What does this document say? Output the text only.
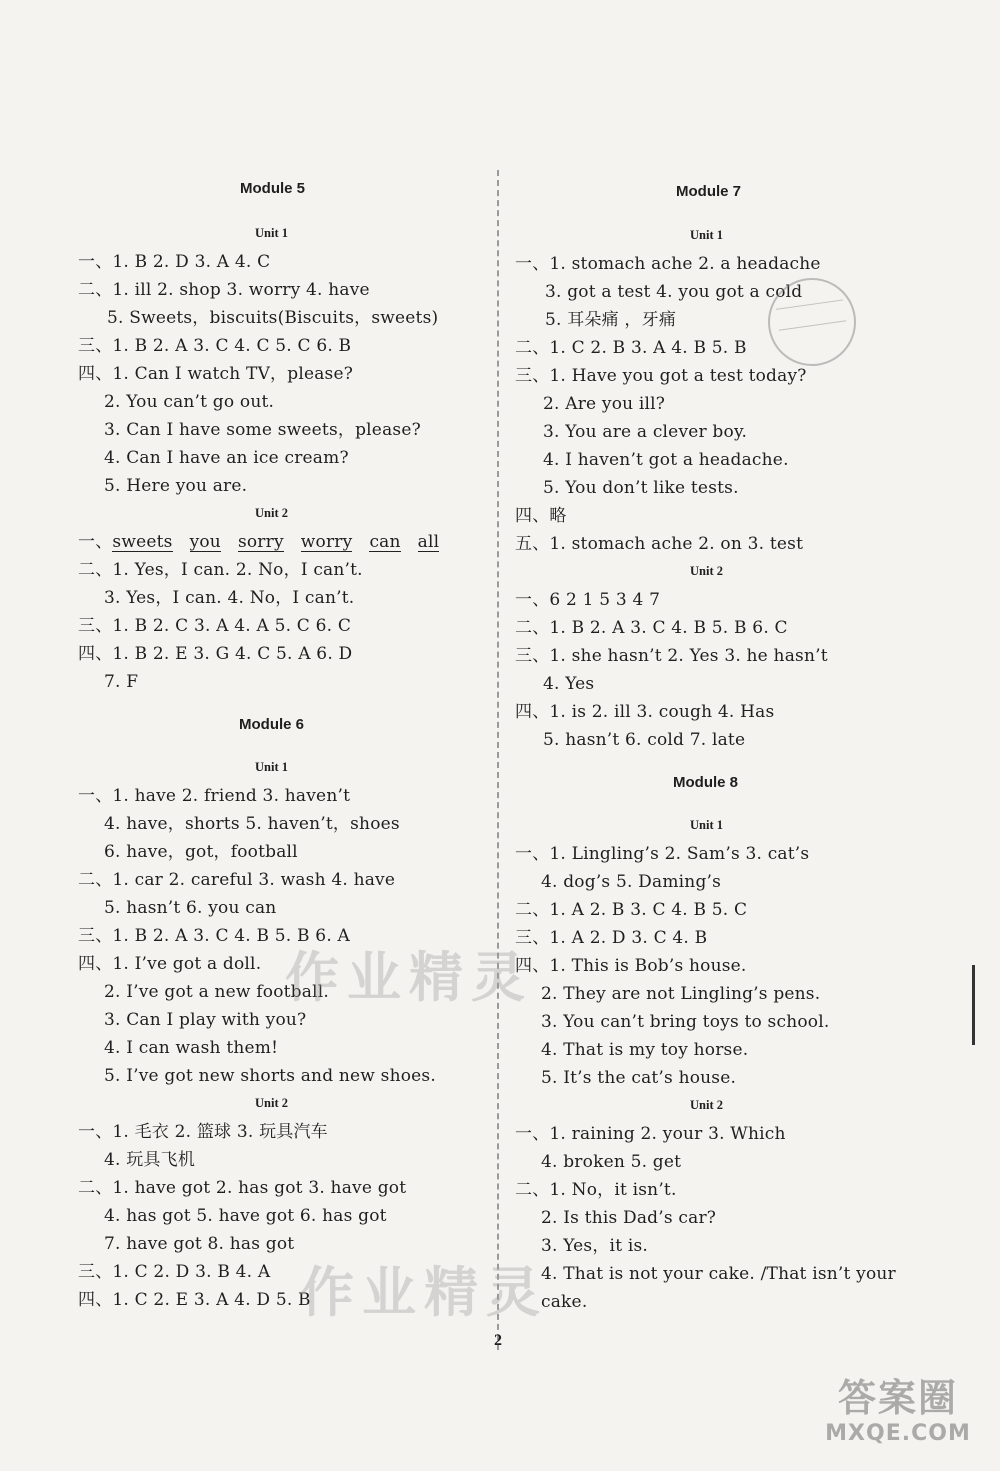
Module 5
Unit 1
一、1. B 2. D 3. A 4. C
二、1. ill 2. shop 3. worry 4. have
5. Sweets，biscuits(Biscuits，sweets)
三、1. B 2. A 3. C 4. C 5. C 6. B
四、1. Can I watch TV，please?
2. You can’t go out.
3. Can I have some sweets，please?
4. Can I have an ice cream?
5. Here you are.
Unit 2
一、sweets you sorry worry can all
二、1. Yes，I can. 2. No，I can’t.
3. Yes，I can. 4. No，I can’t.
三、1. B 2. C 3. A 4. A 5. C 6. C
四、1. B 2. E 3. G 4. C 5. A 6. D
7. F
Module 6
Unit 1
一、1. have 2. friend 3. haven’t
4. have，shorts 5. haven’t，shoes
6. have，got，football
二、1. car 2. careful 3. wash 4. have
5. hasn’t 6. you can
三、1. B 2. A 3. C 4. B 5. B 6. A
四、1. I’ve got a doll.
2. I’ve got a new football.
3. Can I play with you?
4. I can wash them!
5. I’ve got new shorts and new shoes.
Unit 2
一、1. 毛衣 2. 篮球 3. 玩具汽车
4. 玩具飞机
二、1. have got 2. has got 3. have got
4. has got 5. have got 6. has got
7. have got 8. has got
三、1. C 2. D 3. B 4. A
四、1. C 2. E 3. A 4. D 5. B
Module 7
Unit 1
一、1. stomach ache 2. a headache
3. got a test 4. you got a cold
5. 耳朵痛 ，牙痛
二、1. C 2. B 3. A 4. B 5. B
三、1. Have you got a test today?
2. Are you ill?
3. You are a clever boy.
4. I haven’t got a headache.
5. You don’t like tests.
四、略
五、1. stomach ache 2. on 3. test
Unit 2
一、6 2 1 5 3 4 7
二、1. B 2. A 3. C 4. B 5. B 6. C
三、1. she hasn’t 2. Yes 3. he hasn’t
4. Yes
四、1. is 2. ill 3. cough 4. Has
5. hasn’t 6. cold 7. late
Module 8
Unit 1
一、1. Lingling’s 2. Sam’s 3. cat’s
4. dog’s 5. Daming’s
二、1. A 2. B 3. C 4. B 5. C
三、1. A 2. D 3. C 4. B
四、1. This is Bob’s house.
2. They are not Lingling’s pens.
3. You can’t bring toys to school.
4. That is my toy horse.
5. It’s the cat’s house.
Unit 2
一、1. raining 2. your 3. Which
4. broken 5. get
二、1. No，it isn’t.
2. Is this Dad’s car?
3. Yes，it is.
4. That is not your cake. /That isn’t your
cake.
2
作业精灵
作业精灵
答案圈
MXQE.COM
